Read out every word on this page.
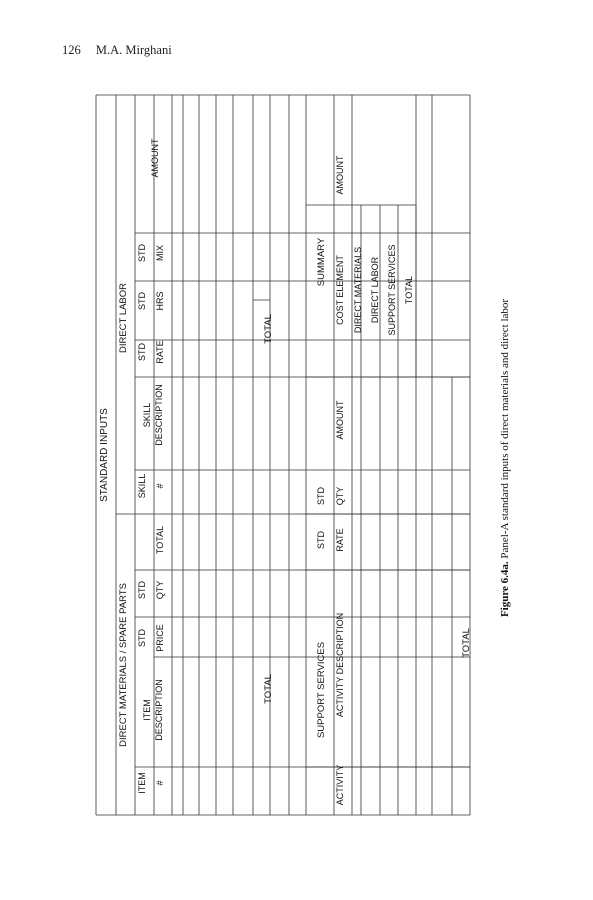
126 M.A. Mirghani
STANDARD INPUTS
DIRECT MATERIALS / SPARE PARTS
ITEM #
ITEM DESCRIPTION
STD PRICE
STD QTY
TOTAL
TOTAL
DIRECT LABOR
SKILL #
SKILL DESCRIPTION
STD RATE
STD HRS
STD MIX
AMOUNT
TOTAL
SUPPORT SERVICES
ACTIVITY
ACTIVITY DESCRIPTION
STD RATE
STD QTY
AMOUNT
TOTAL
SUMMARY COST ELEMENT
AMOUNT
DIRECT MATERIALS DIRECT LABOR SUPPORT SERVICES TOTAL
Figure 6.4a. Panel-A standard inputs of direct materials and direct labor
